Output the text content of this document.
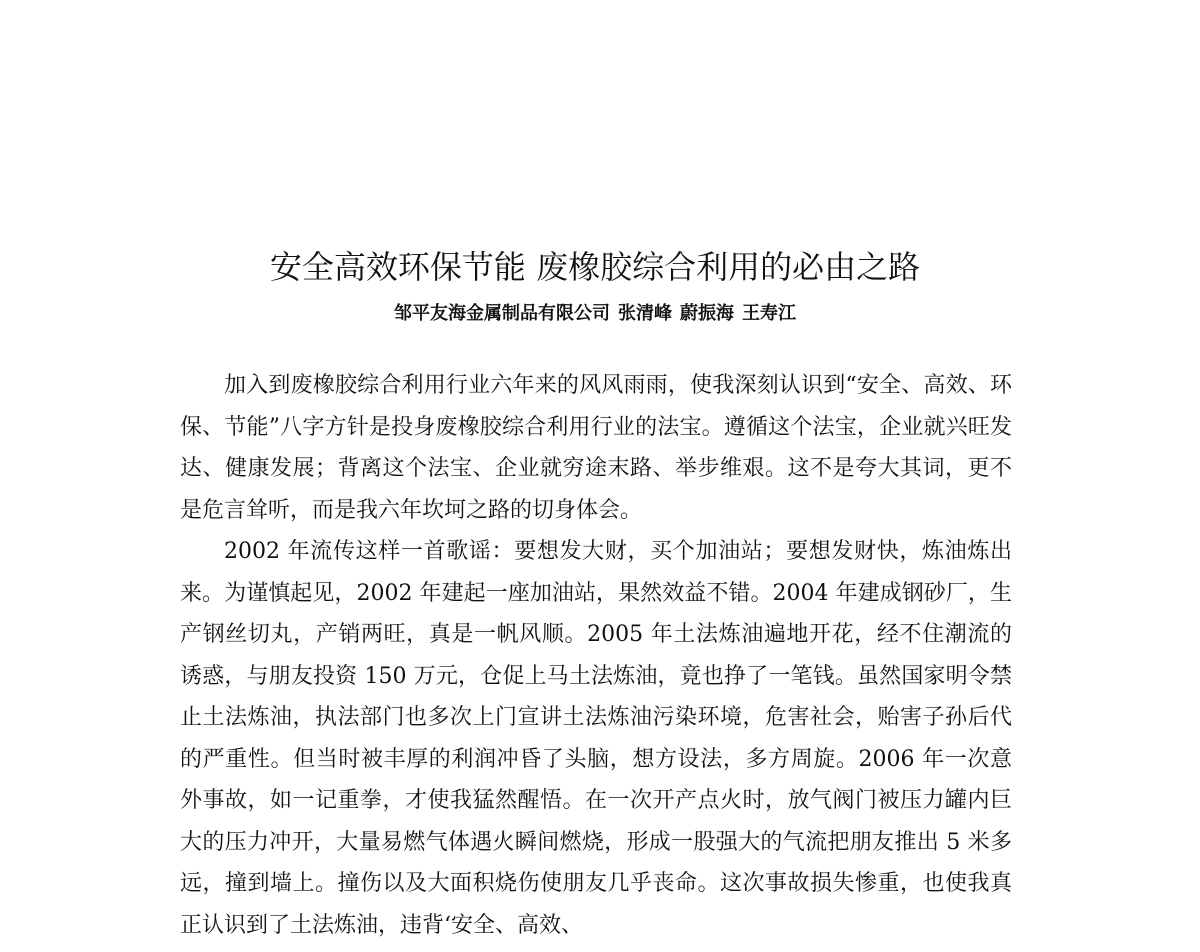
安全高效环保节能 废橡胶综合利用的必由之路
邹平友海金属制品有限公司 张清峰 蔚振海 王寿江

加入到废橡胶综合利用行业六年来的风风雨雨，使我深刻认识到“安全、高效、环保、节能”八字方针是投身废橡胶综合利用行业的法宝。遵循这个法宝，企业就兴旺发达、健康发展；背离这个法宝、企业就穷途末路、举步维艰。这不是夸大其词，更不是危言耸听，而是我六年坎坷之路的切身体会。

2002 年流传这样一首歌谣：要想发大财，买个加油站；要想发财快，炼油炼出来。为谨慎起见，2002 年建起一座加油站，果然效益不错。2004 年建成钢砂厂，生产钢丝切丸，产销两旺，真是一帆风顺。2005 年土法炼油遍地开花，经不住潮流的诱惑，与朋友投资 150 万元，仓促上马土法炼油，竟也挣了一笔钱。虽然国家明令禁止土法炼油，执法部门也多次上门宣讲土法炼油污染环境，危害社会，贻害子孙后代的严重性。但当时被丰厚的利润冲昏了头脑，想方设法，多方周旋。2006 年一次意外事故，如一记重拳，才使我猛然醒悟。在一次开产点火时，放气阀门被压力罐内巨大的压力冲开，大量易燃气体遇火瞬间燃烧，形成一股强大的气流把朋友推出 5 米多远，撞到墙上。撞伤以及大面积烧伤使朋友几乎丧命。这次事故损失惨重，也使我真正认识到了土法炼油，违背‘安全、高效、
